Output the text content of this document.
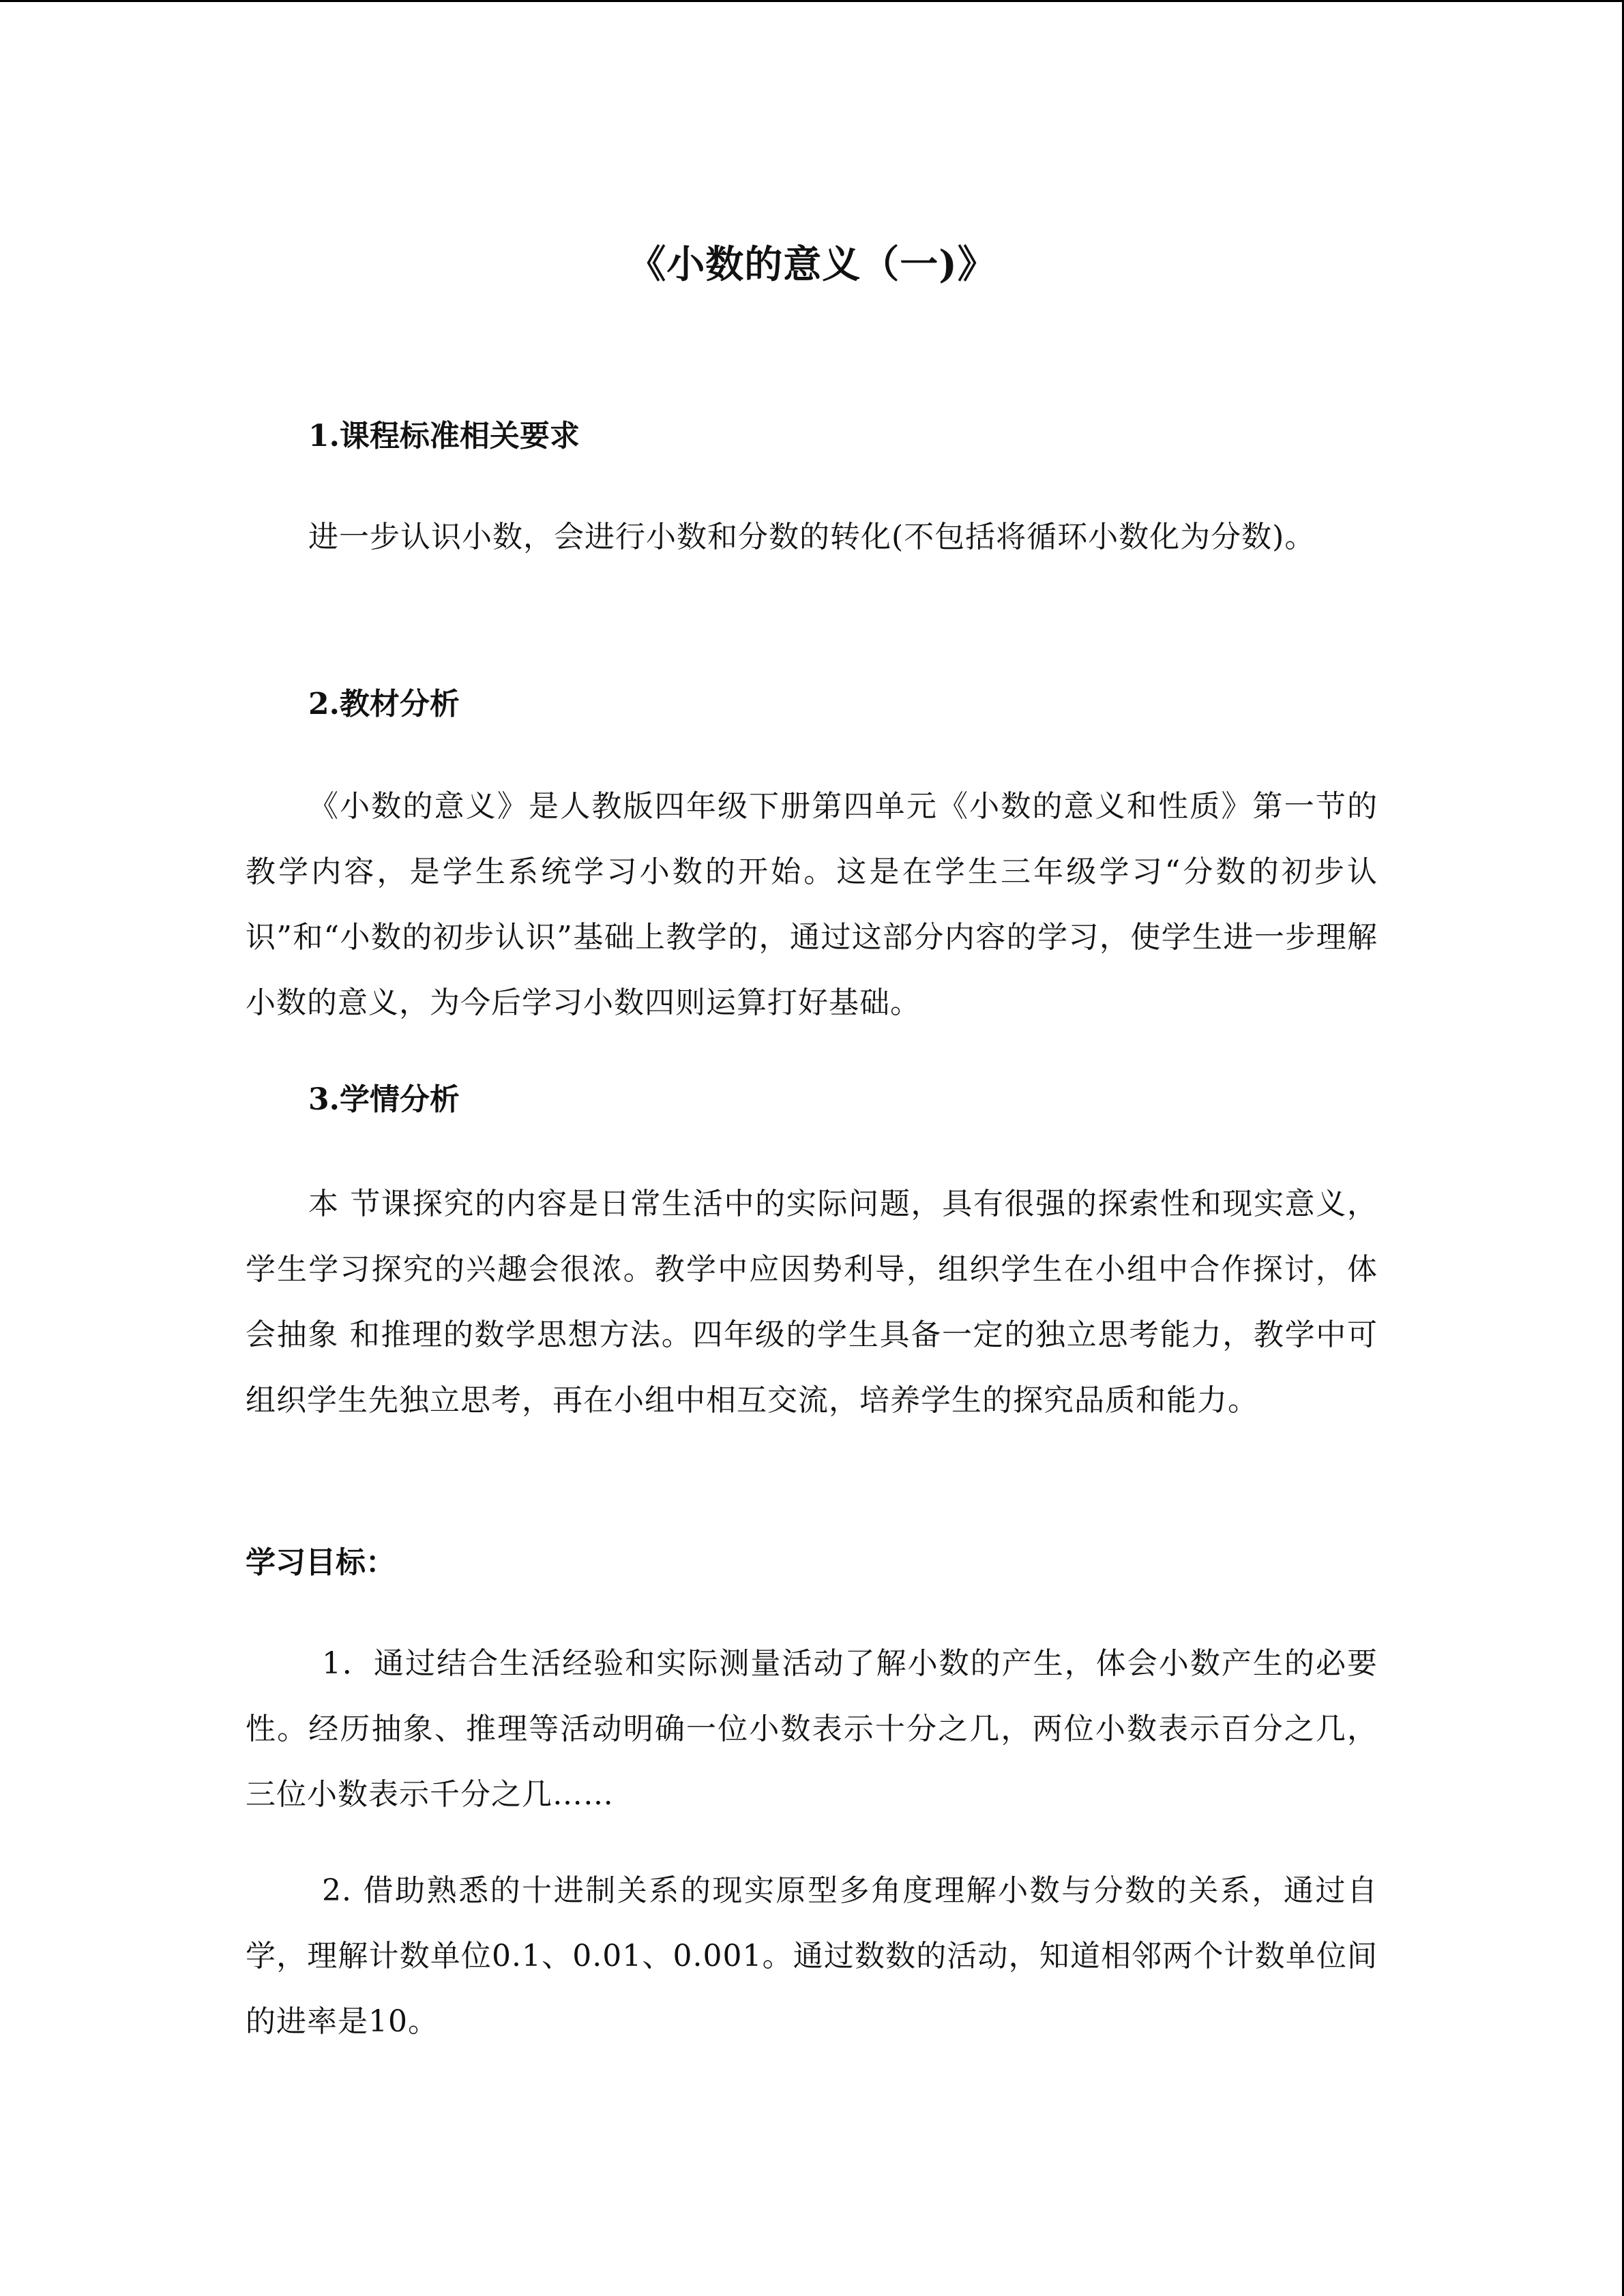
《小数的意义（一)》
1.课程标准相关要求

进一步认识小数，会进行小数和分数的转化(不包括将循环小数化为分数)。

2.教材分析

《小数的意义》是人教版四年级下册第四单元《小数的意义和性质》第一节的教学内容，是学生系统学习小数的开始。这是在学生三年级学习“分数的初步认识”和“小数的初步认识”基础上教学的，通过这部分内容的学习，使学生进一步理解小数的意义，为今后学习小数四则运算打好基础。

3.学情分析

本 节课探究的内容是日常生活中的实际问题，具有很强的探索性和现实意义，学生学习探究的兴趣会很浓。教学中应因势利导，组织学生在小组中合作探讨，体会抽象 和推理的数学思想方法。四年级的学生具备一定的独立思考能力，教学中可组织学生先独立思考，再在小组中相互交流，培养学生的探究品质和能力。

学习目标：

1．通过结合生活经验和实际测量活动了解小数的产生，体会小数产生的必要性。经历抽象、推理等活动明确一位小数表示十分之几，两位小数表示百分之几，三位小数表示千分之几……

2. 借助熟悉的十进制关系的现实原型多角度理解小数与分数的关系，通过自学，理解计数单位0.1、0.01、0.001。通过数数的活动，知道相邻两个计数单位间的进率是10。
